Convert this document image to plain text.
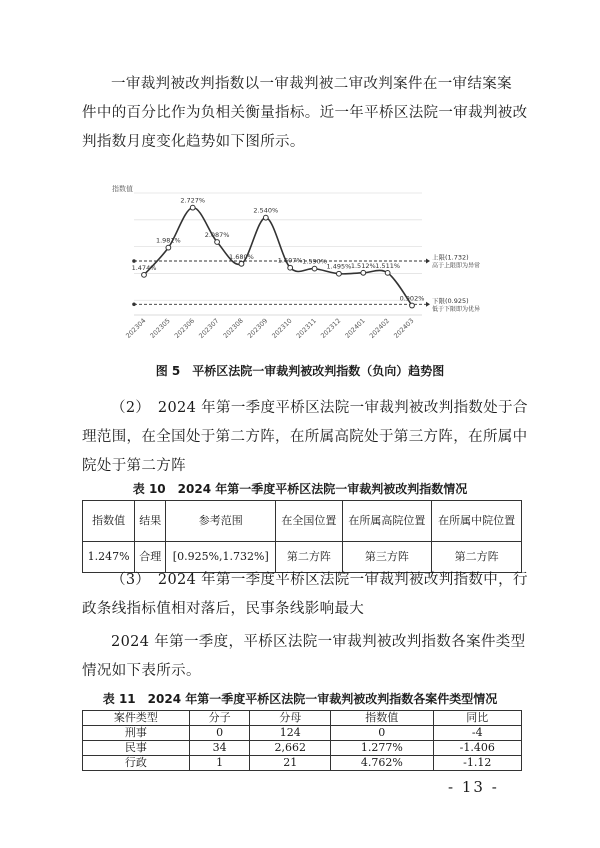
一审裁判被改判指数以一审裁判被二审改判案件在一审结案案
件中的百分比作为负相关衡量指标。近一年平桥区法院一审裁判被改
判指数月度变化趋势如下图所示。

1.474%
1.981%
2.727%
2.087%
1.680%
2.540%
1.607% 1.590%
1.495% 1.512% 1.511%
0.902%
202304 202305 202306 202307 202308 202309 202310 202311 202312 202401 202402 202403
指数值
上限(1.732)
高于上限即为异常
下限(0.925)
低于下限即为优异

图 5　平桥区法院一审裁判被改判指数（负向）趋势图

（2）　2024 年第一季度平桥区法院一审裁判被改判指数处于合
理范围，在全国处于第二方阵，在所属高院处于第三方阵，在所属中
院处于第二方阵

表 10　2024 年第一季度平桥区法院一审裁判被改判指数情况

指数值	结果	参考范围	在全国位置	在所属高院位置	在所属中院位置
1.247%	合理	[0.925%,1.732%]	第二方阵	第三方阵	第二方阵

（3）　2024 年第一季度平桥区法院一审裁判被改判指数中，行
政条线指标值相对落后，民事条线影响最大

2024 年第一季度，平桥区法院一审裁判被改判指数各案件类型
情况如下表所示。

表 11　2024 年第一季度平桥区法院一审裁判被改判指数各案件类型情况

案件类型	分子	分母	指数值	同比
刑事	0	124	0	-4
民事	34	2,662	1.277%	-1.406
行政	1	21	4.762%	-1.12
- 13 -
